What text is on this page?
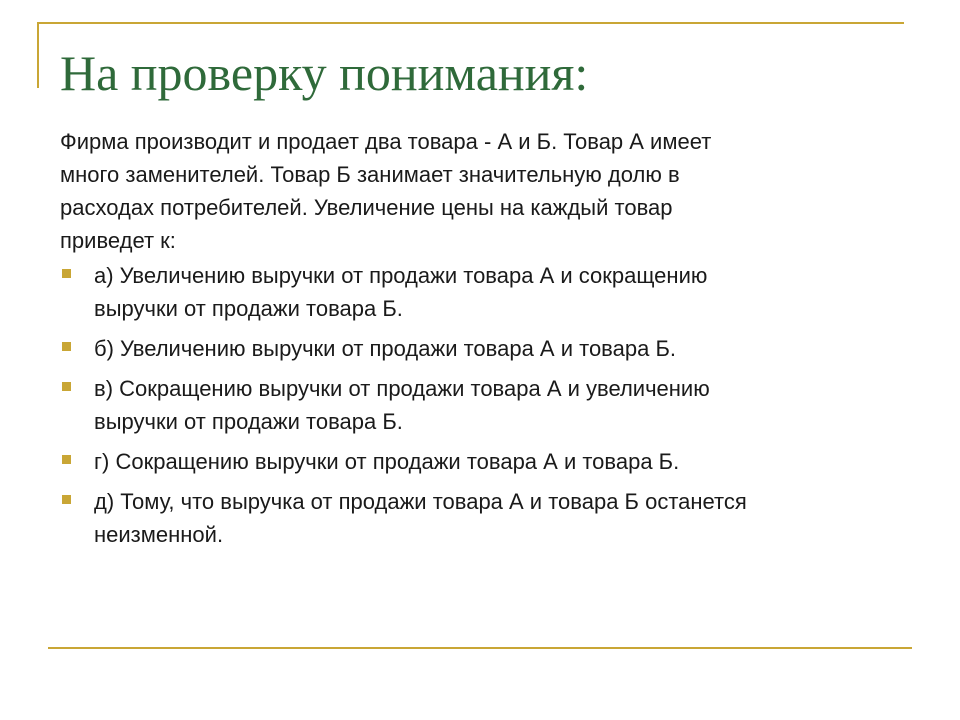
На проверку понимания:

Фирма производит и продает два товара - А и Б. Товар А имеет
много заменителей. Товар Б занимает значительную долю в
расходах потребителей. Увеличение цены на каждый товар
приведет к:

а) Увеличению выручки от продажи товара А и сокращению
выручки от продажи товара Б.
б) Увеличению выручки от продажи товара А и товара Б.
в) Сокращению выручки от продажи товара А и увеличению
выручки от продажи товара Б.
г) Сокращению выручки от продажи товара А и товара Б.
д) Тому, что выручка от продажи товара А и товара Б останется
неизменной.
